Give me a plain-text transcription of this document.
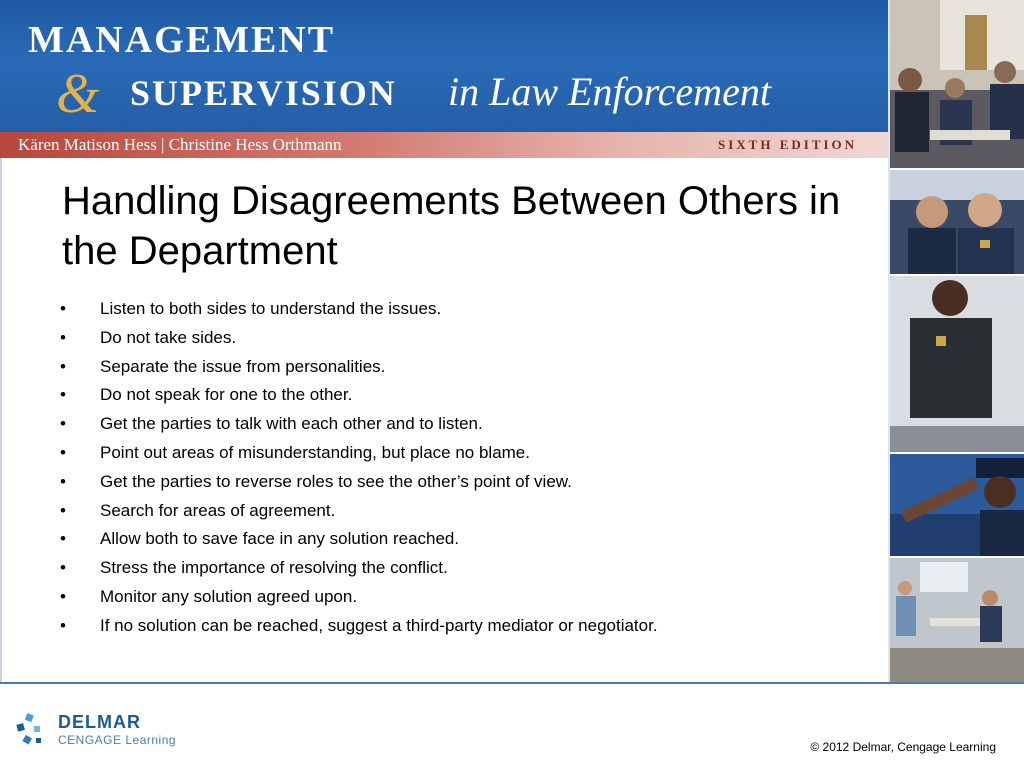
MANAGEMENT
& SUPERVISION in Law Enforcement
Kären Matison Hess | Christine Hess Orthmann	SIXTH EDITION
Handling Disagreements Between Others in the Department
• Listen to both sides to understand the issues.
• Do not take sides.
• Separate the issue from personalities.
• Do not speak for one to the other.
• Get the parties to talk with each other and to listen.
• Point out areas of misunderstanding, but place no blame.
• Get the parties to reverse roles to see the other’s point of view.
• Search for areas of agreement.
• Allow both to save face in any solution reached.
• Stress the importance of resolving the conflict.
• Monitor any solution agreed upon.
• If no solution can be reached, suggest a third-party mediator or negotiator.
DELMAR
CENGAGE Learning	© 2012 Delmar, Cengage Learning
